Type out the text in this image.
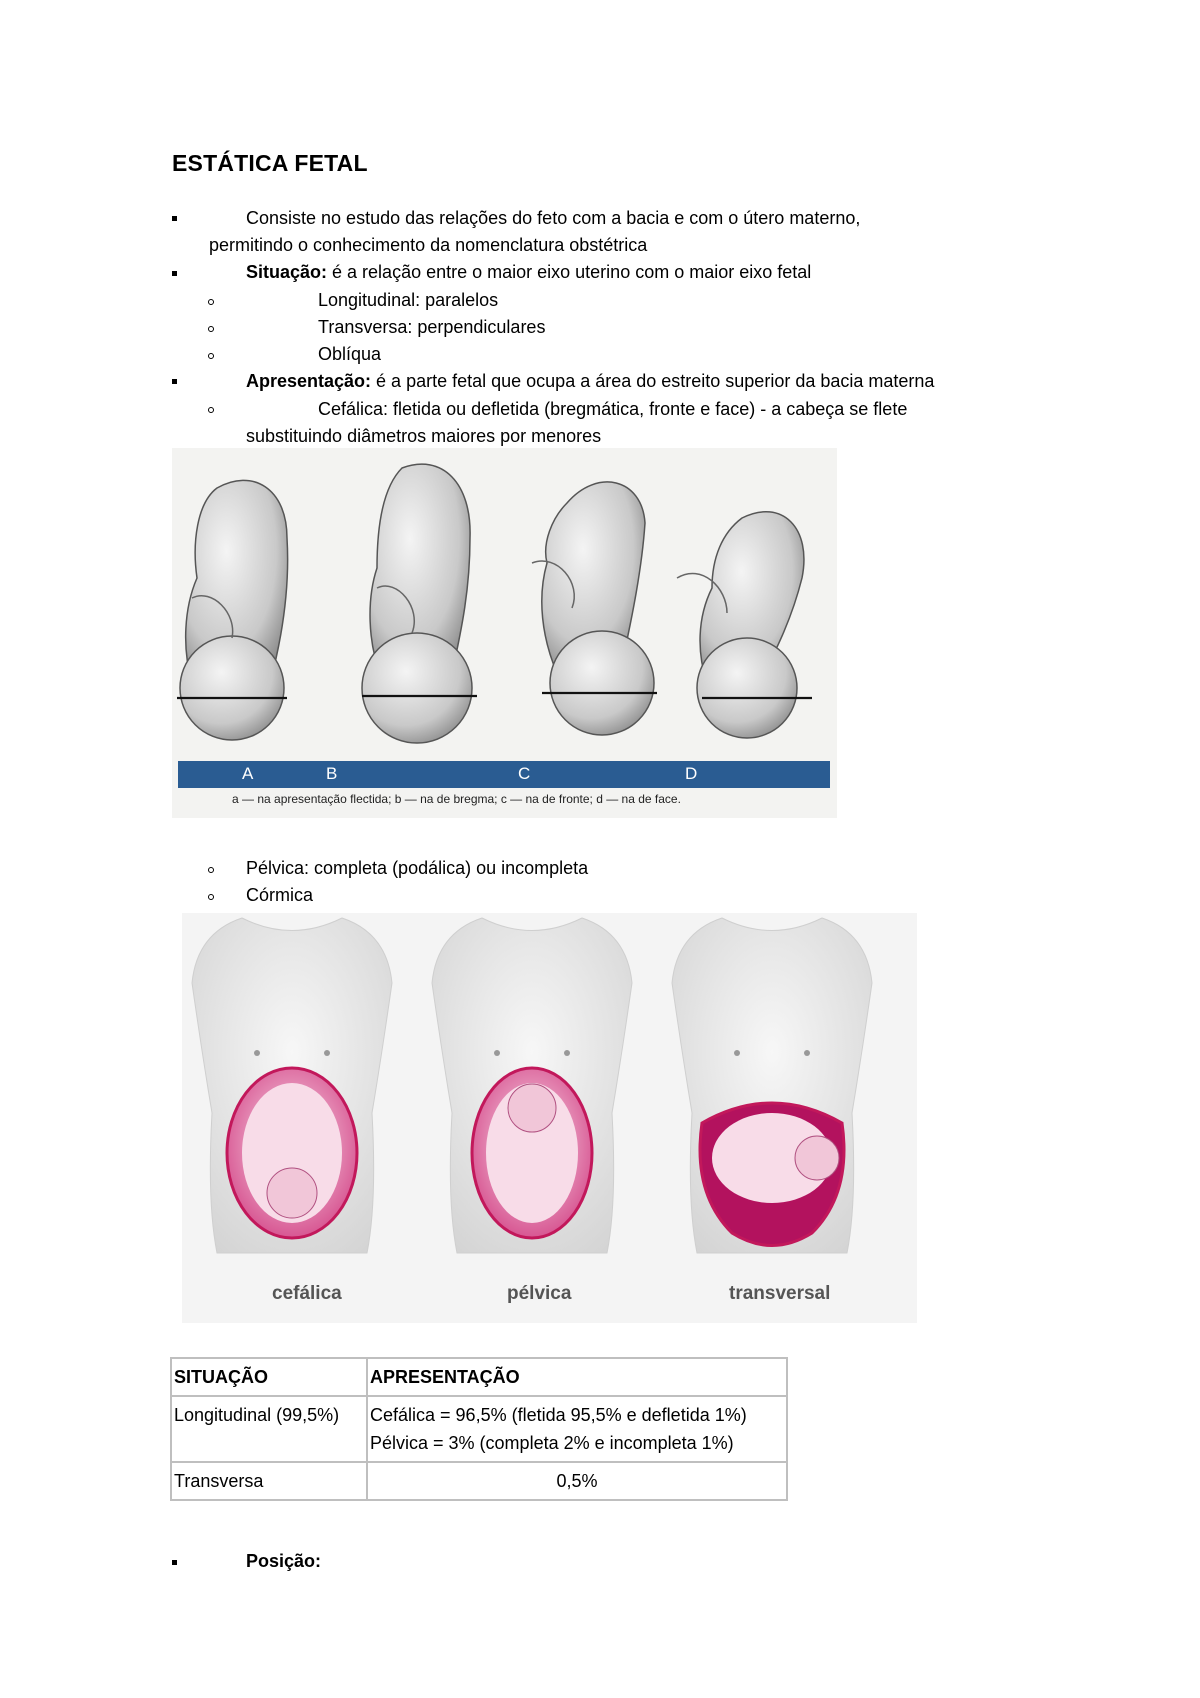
ESTÁTICA FETAL
Consiste no estudo das relações do feto com a bacia e com o útero materno,
permitindo o conhecimento da nomenclatura obstétrica
Situação: é a relação entre o maior eixo uterino com o maior eixo fetal
Longitudinal: paralelos
Transversa: perpendiculares
Oblíqua
Apresentação: é a parte fetal que ocupa a área do estreito superior da bacia materna
Cefálica: fletida ou defletida (bregmática, fronte e face) - a cabeça se flete
substituindo diâmetros maiores por menores
A	B	C	D
a — na apresentação flectida; b — na de bregma; c — na de fronte; d — na de face.
Pélvica: completa (podálica) ou incompleta
Córmica
cefálica	pélvica	transversal
SITUAÇÃO	APRESENTAÇÃO
Longitudinal (99,5%)	Cefálica = 96,5% (fletida 95,5% e defletida 1%)
Pélvica = 3% (completa 2% e incompleta 1%)

Transversa	0,5%
Posição:
